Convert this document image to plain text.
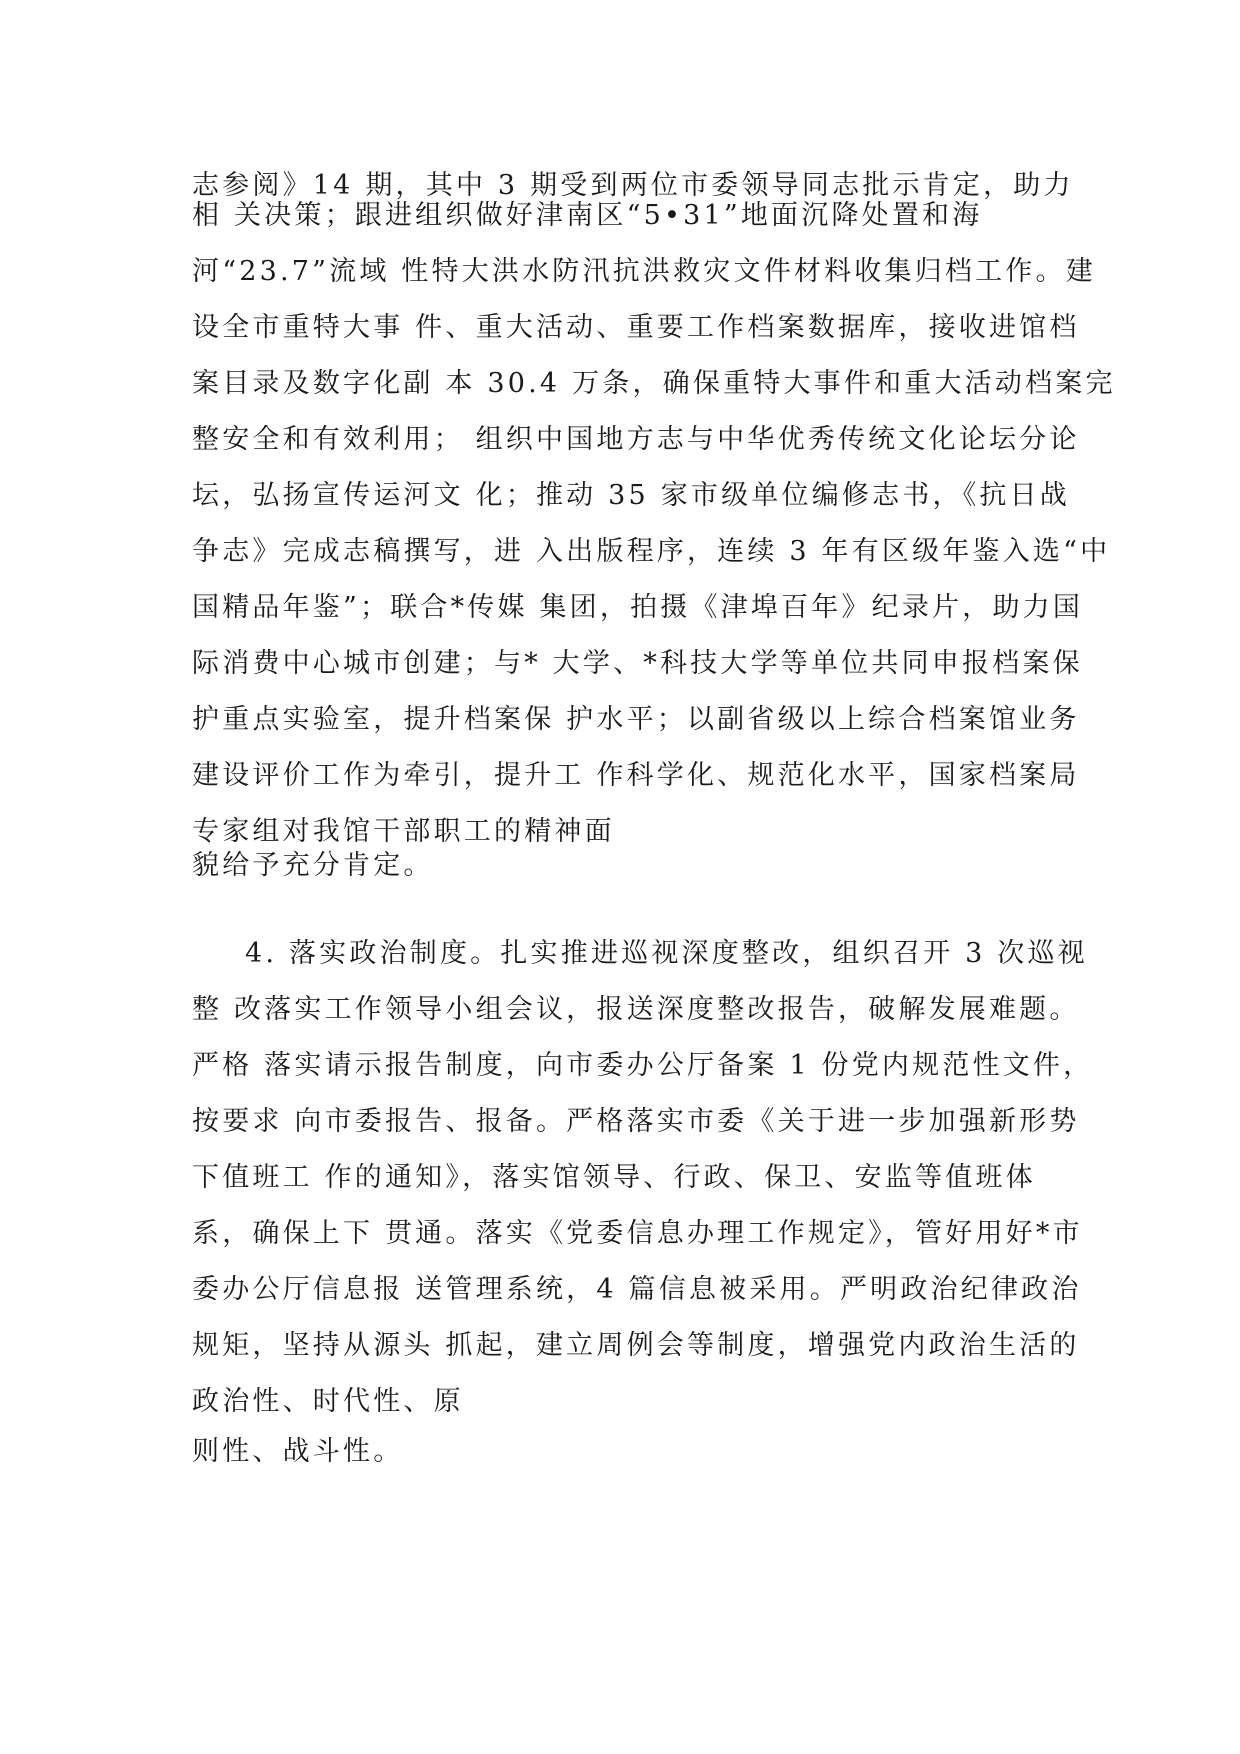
志参阅》14 期，其中 3 期受到两位市委领导同志批示肯定，助力
相 关决策；跟进组织做好津南区“5•31”地面沉降处置和海
河“23.7”流域 性特大洪水防汛抗洪救灾文件材料收集归档工作。建
设全市重特大事 件、重大活动、重要工作档案数据库，接收进馆档
案目录及数字化副 本 30.4 万条，确保重特大事件和重大活动档案完
整安全和有效利用； 组织中国地方志与中华优秀传统文化论坛分论
坛，弘扬宣传运河文 化；推动 35 家市级单位编修志书，《抗日战
争志》完成志稿撰写，进 入出版程序，连续 3 年有区级年鉴入选“中
国精品年鉴”；联合*传媒 集团，拍摄《津埠百年》纪录片，助力国
际消费中心城市创建；与* 大学、*科技大学等单位共同申报档案保
护重点实验室，提升档案保 护水平；以副省级以上综合档案馆业务
建设评价工作为牵引，提升工 作科学化、规范化水平，国家档案局
专家组对我馆干部职工的精神面
貌给予充分肯定。
4. 落实政治制度。扎实推进巡视深度整改，组织召开 3 次巡视
整 改落实工作领导小组会议，报送深度整改报告，破解发展难题。
严格 落实请示报告制度，向市委办公厅备案 1 份党内规范性文件，
按要求 向市委报告、报备。严格落实市委《关于进一步加强新形势
下值班工 作的通知》，落实馆领导、行政、保卫、安监等值班体
系，确保上下 贯通。落实《党委信息办理工作规定》，管好用好*市
委办公厅信息报 送管理系统，4 篇信息被采用。严明政治纪律政治
规矩，坚持从源头 抓起，建立周例会等制度，增强党内政治生活的
政治性、时代性、原
则性、战斗性。
